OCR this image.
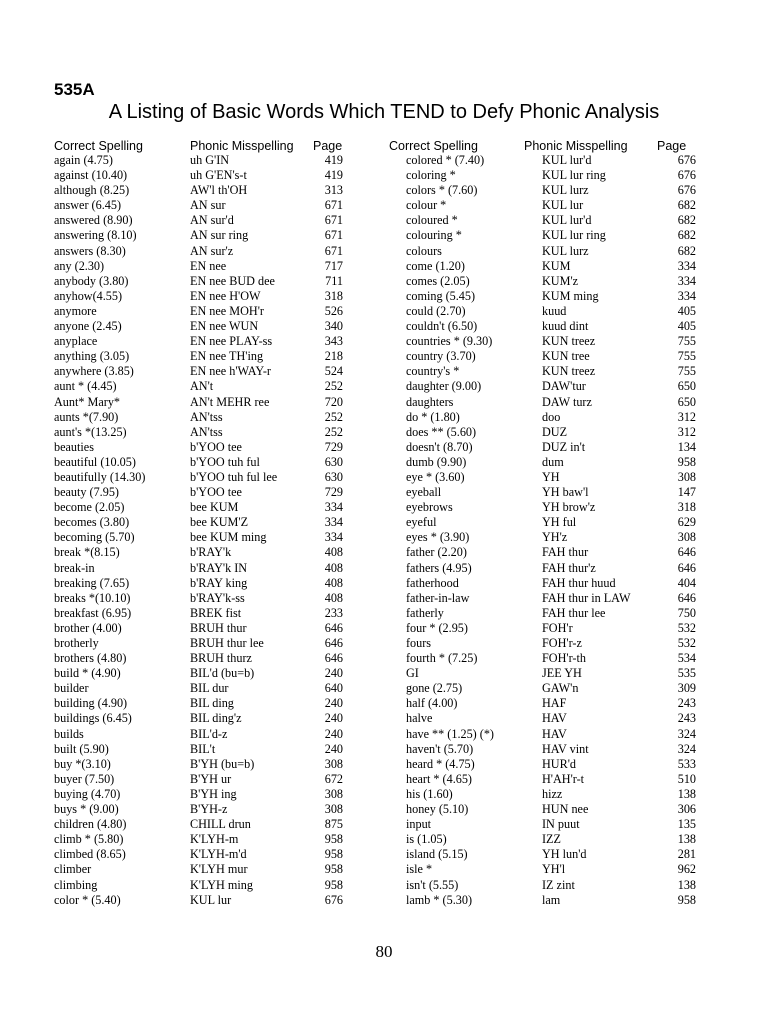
535A
A Listing of Basic Words Which TEND to Defy Phonic Analysis
Correct Spelling	Phonic Misspelling Page	Correct Spelling	Phonic Misspelling Page
again (4.75)	uh G'IN	419
against (10.40)	uh G'EN's-t	419
although (8.25)	AW'l th'OH	313
answer (6.45)	AN sur	671
answered (8.90)	AN sur'd	671
answering (8.10)	AN sur ring	671
answers (8.30)	AN sur'z	671
any (2.30)	EN nee	717
anybody (3.80)	EN nee BUD dee	711
anyhow(4.55)	EN nee H'OW	318
anymore	EN nee MOH'r	526
anyone (2.45)	EN nee WUN	340
anyplace	EN nee PLAY-ss	343
anything (3.05)	EN nee TH'ing	218
anywhere (3.85)	EN nee h'WAY-r	524
aunt * (4.45)	AN't	252
Aunt* Mary*	AN't MEHR ree	720
aunts *(7.90)	AN'tss	252
aunt's *(13.25)	AN'tss	252
beauties	b'YOO tee	729
beautiful (10.05)	b'YOO tuh ful	630
beautifully (14.30)	b'YOO tuh ful lee	630
beauty (7.95)	b'YOO tee	729
become (2.05)	bee KUM	334
becomes (3.80)	bee KUM'Z	334
becoming (5.70)	bee KUM ming	334
break *(8.15)	b'RAY'k	408
break-in	b'RAY'k IN	408
breaking (7.65)	b'RAY king	408
breaks *(10.10)	b'RAY'k-ss	408
breakfast (6.95)	BREK fist	233
brother (4.00)	BRUH thur	646
brotherly	BRUH thur lee	646
brothers (4.80)	BRUH thurz	646
build * (4.90)	BIL'd (bu=b)	240
builder	BIL dur	640
building (4.90)	BIL ding	240
buildings (6.45)	BIL ding'z	240
builds	BIL'd-z	240
built (5.90)	BIL't	240
buy *(3.10)	B'YH (bu=b)	308
buyer (7.50)	B'YH ur	672
buying (4.70)	B'YH ing	308
buys * (9.00)	B'YH-z	308
children (4.80)	CHILL drun	875
climb * (5.80)	K'LYH-m	958
climbed (8.65)	K'LYH-m'd	958
climber	K'LYH mur	958
climbing	K'LYH ming	958
color * (5.40)	KUL lur	676
colored * (7.40)	KUL lur'd	676
coloring *	KUL lur ring	676
colors * (7.60)	KUL lurz	676
colour *	KUL lur	682
coloured *	KUL lur'd	682
colouring *	KUL lur ring	682
colours	KUL lurz	682
come (1.20)	KUM	334
comes (2.05)	KUM'z	334
coming (5.45)	KUM ming	334
could (2.70)	kuud	405
couldn't (6.50)	kuud dint	405
countries * (9.30)	KUN treez	755
country (3.70)	KUN tree	755
country's *	KUN treez	755
daughter (9.00)	DAW'tur	650
daughters	DAW turz	650
do * (1.80)	doo	312
does ** (5.60)	DUZ	312
doesn't (8.70)	DUZ in't	134
dumb (9.90)	dum	958
eye * (3.60)	YH	308
eyeball	YH baw'l	147
eyebrows	YH brow'z	318
eyeful	YH ful	629
eyes * (3.90)	YH'z	308
father (2.20)	FAH thur	646
fathers (4.95)	FAH thur'z	646
fatherhood	FAH thur huud	404
father-in-law	FAH thur in LAW	646
fatherly	FAH thur lee	750
four * (2.95)	FOH'r	532
fours	FOH'r-z	532
fourth * (7.25)	FOH'r-th	534
GI	JEE YH	535
gone (2.75)	GAW'n	309
half (4.00)	HAF	243
halve	HAV	243
have ** (1.25) (*)	HAV	324
haven't (5.70)	HAV vint	324
heard * (4.75)	HUR'd	533
heart * (4.65)	H'AH'r-t	510
his (1.60)	hizz	138
honey (5.10)	HUN nee	306
input	IN puut	135
is (1.05)	IZZ	138
island (5.15)	YH lun'd	281
isle *	YH'l	962
isn't (5.55)	IZ zint	138
lamb * (5.30)	lam	958
80
